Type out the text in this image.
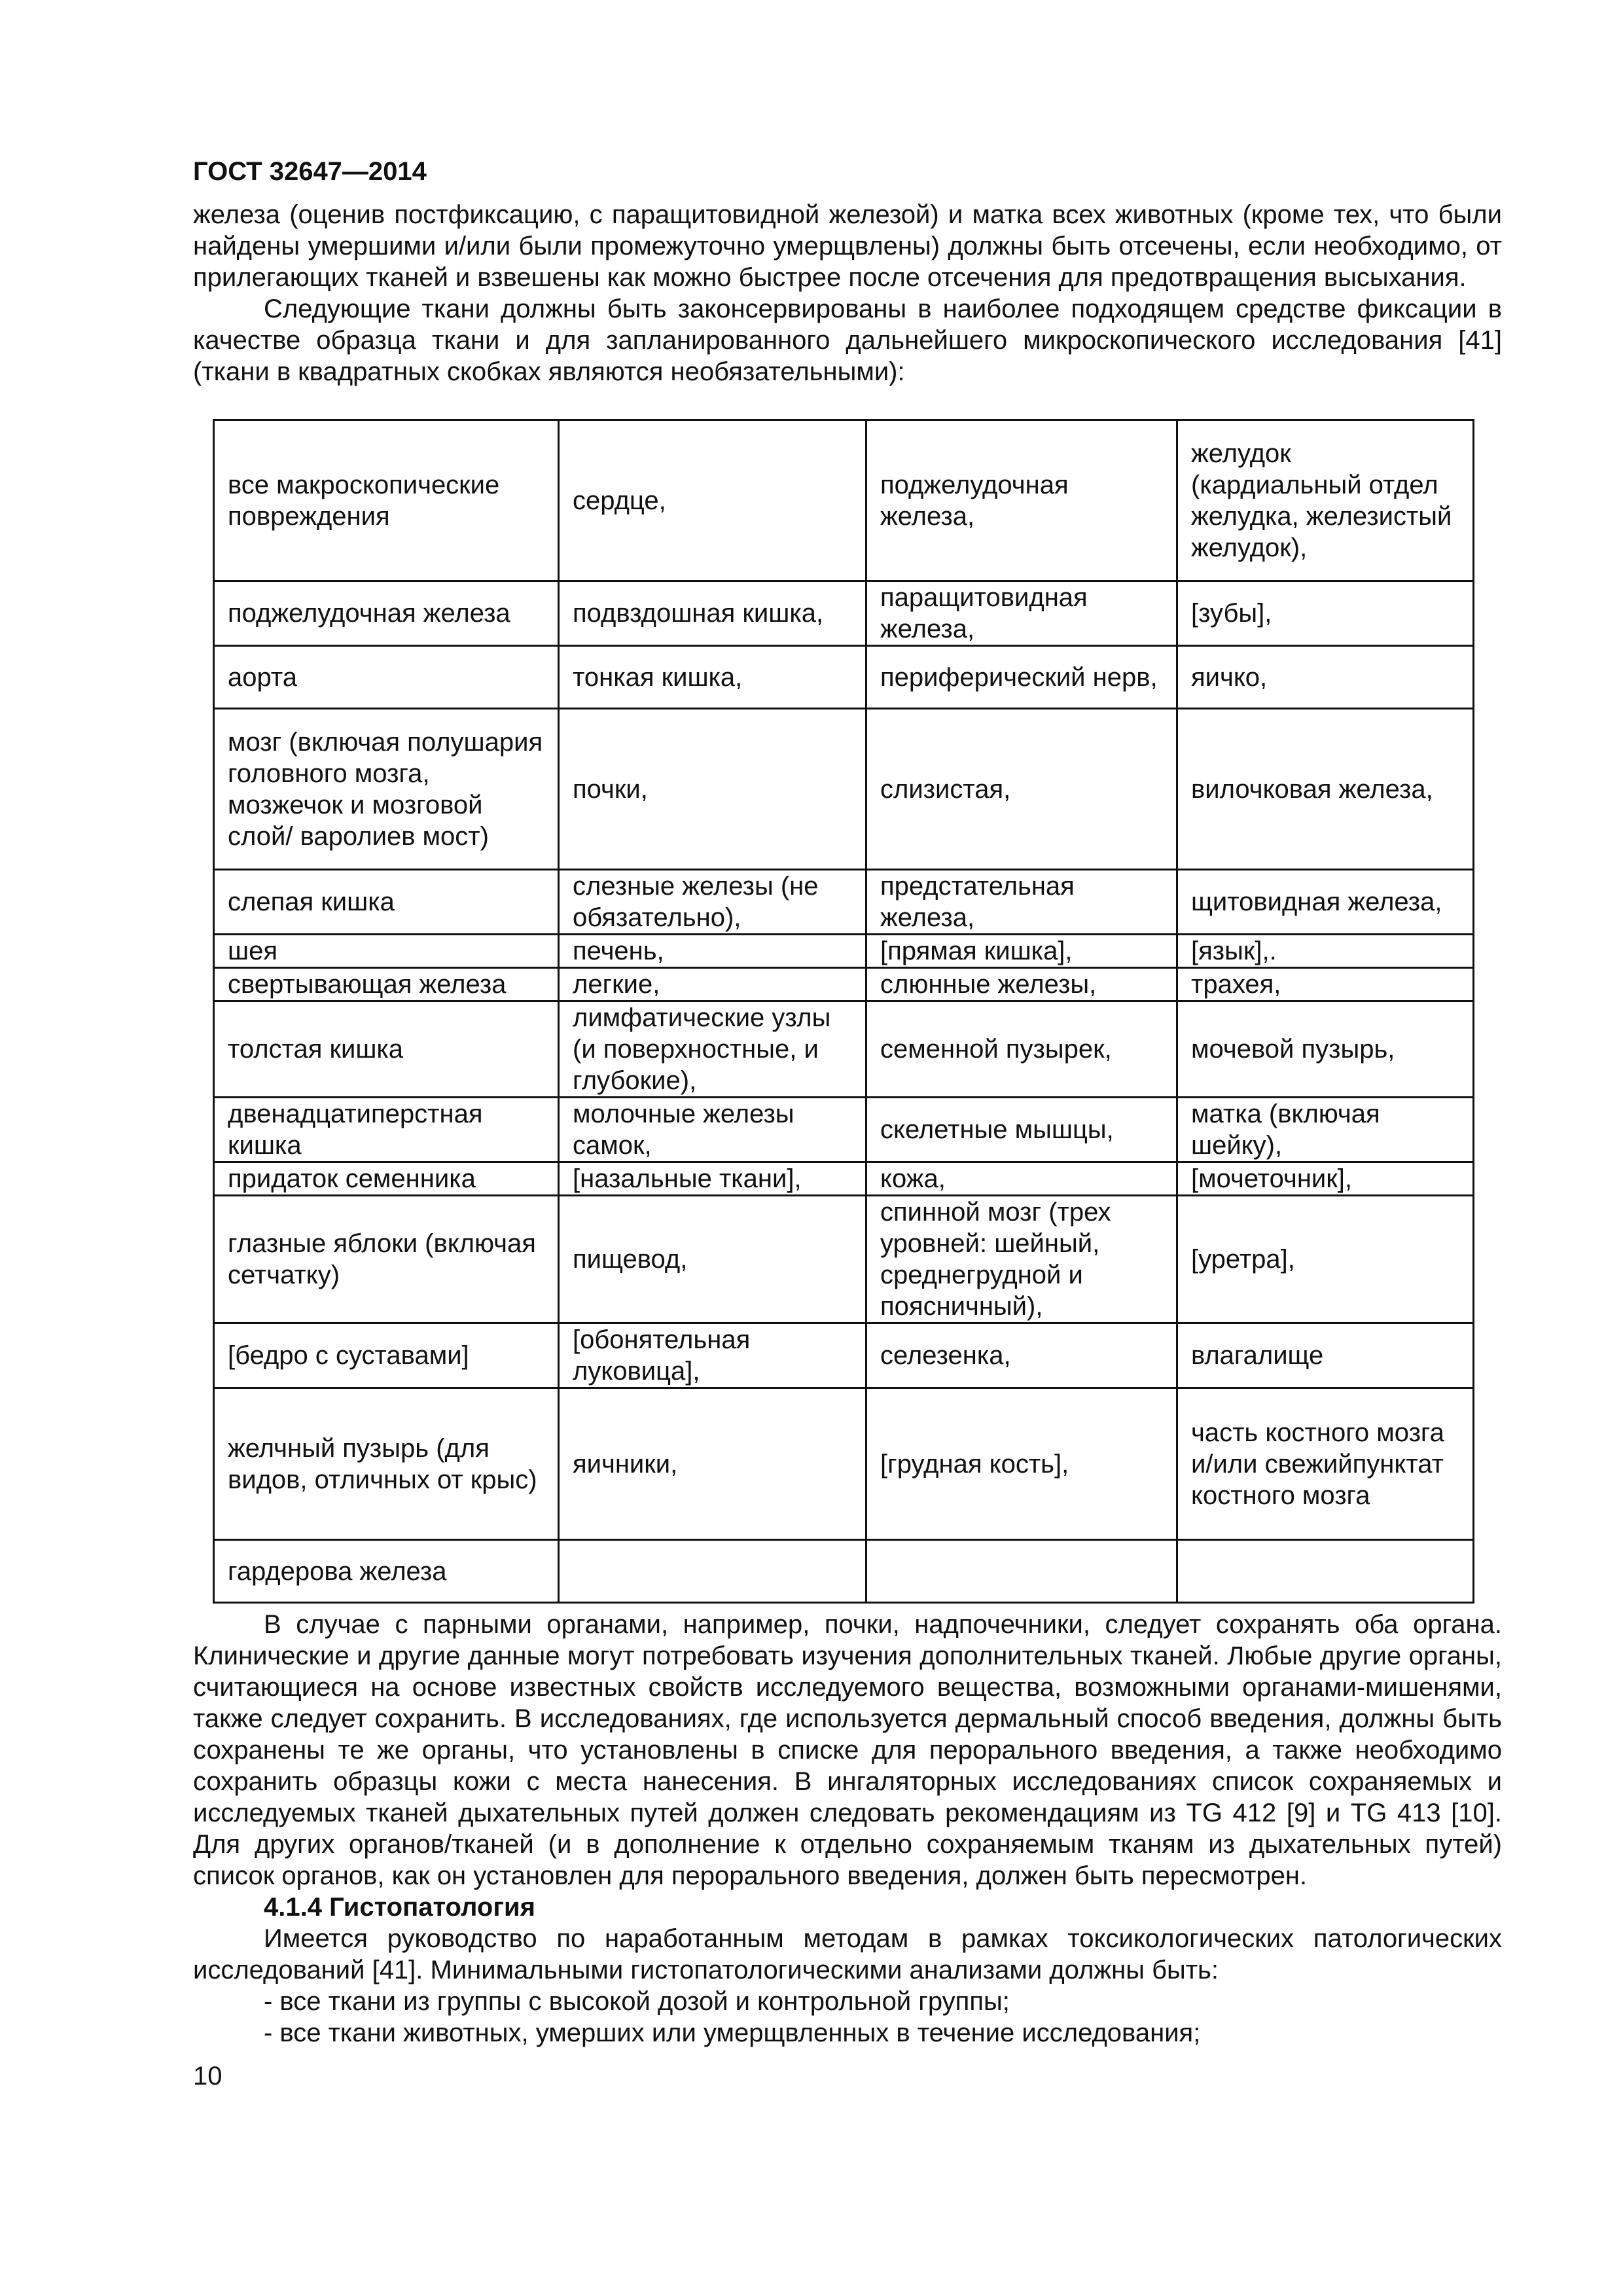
ГОСТ 32647—2014

железа (оценив постфиксацию, с паращитовидной железой) и матка всех животных (кроме тех, что были найдены умершими и/или были промежуточно умерщвлены) должны быть отсечены, если необходимо, от прилегающих тканей и взвешены как можно быстрее после отсечения для предотвращения высыхания.

Следующие ткани должны быть законсервированы в наиболее подходящем средстве фиксации в качестве образца ткани и для запланированного дальнейшего микроскопического исследования [41] (ткани в квадратных скобках являются необязательными):

все макроскопические повреждения	сердце,	поджелудочная железа,	желудок (кардиальный отдел желудка, железистый желудок),
поджелудочная железа	подвздошная кишка,	паращитовидная железа,	[зубы],
аорта	тонкая кишка,	периферический нерв,	яичко,
мозг (включая полушария головного мозга, мозжечок и мозговой слой/ варолиев мост)	почки,	слизистая,	вилочковая железа,
слепая кишка	слезные железы (не обязательно),	предстательная железа,	щитовидная железа,
шея	печень,	[прямая кишка],	[язык],.
свертывающая железа	легкие,	слюнные железы,	трахея,
толстая кишка	лимфатические узлы (и поверхностные, и глубокие),	семенной пузырек,	мочевой пузырь,
двенадцатиперстная кишка	молочные железы самок,	скелетные мышцы,	матка (включая шейку),
придаток семенника	[назальные ткани],	кожа,	[мочеточник],
глазные яблоки (включая сетчатку)	пищевод,	спинной мозг (трех уровней: шейный, среднегрудной и поясничный),	[уретра],
[бедро с суставами]	[обонятельная луковица],	селезенка,	влагалище
желчный пузырь (для видов, отличных от крыс)	яичники,	[грудная кость],	часть костного мозга и/или свежийпунктат костного мозга
гардерова железа			

В случае с парными органами, например, почки, надпочечники, следует сохранять оба органа. Клинические и другие данные могут потребовать изучения дополнительных тканей. Любые другие органы, считающиеся на основе известных свойств исследуемого вещества, возможными органами-мишенями, также следует сохранить. В исследованиях, где используется дермальный способ введения, должны быть сохранены те же органы, что установлены в списке для перорального введения, а также необходимо сохранить образцы кожи с места нанесения. В ингаляторных исследованиях список сохраняемых и исследуемых тканей дыхательных путей должен следовать рекомендациям из TG 412 [9] и TG 413 [10]. Для других органов/тканей (и в дополнение к отдельно сохраняемым тканям из дыхательных путей) список органов, как он установлен для перорального введения, должен быть пересмотрен.

4.1.4 Гистопатология

Имеется руководство по наработанным методам в рамках токсикологических патологических исследований [41]. Минимальными гистопатологическими анализами должны быть:

- все ткани из группы с высокой дозой и контрольной группы;

- все ткани животных, умерших или умерщвленных в течение исследования;

10
